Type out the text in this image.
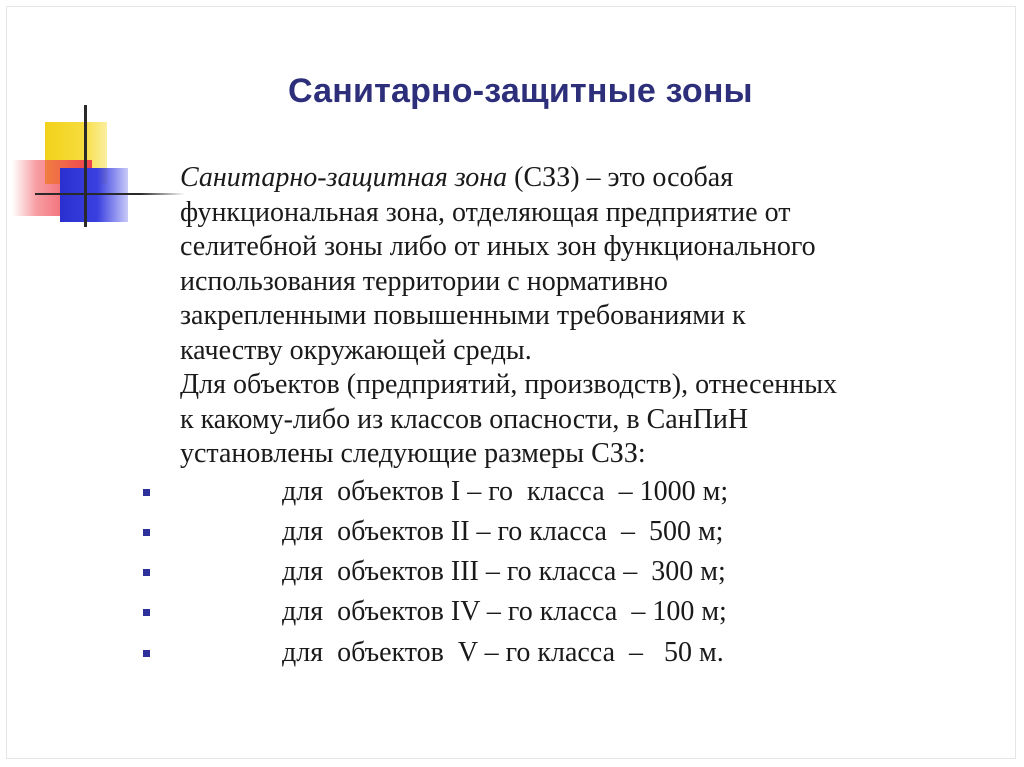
Санитарно-защитные зоны
Санитарно-защитная зона (СЗЗ) – это особая
функциональная зона, отделяющая предприятие от
селитебной зоны либо от иных зон функционального
использования территории с нормативно
закрепленными повышенными требованиями к
качеству окружающей среды.
Для объектов (предприятий, производств), отнесенных
к какому-либо из классов опасности, в СанПиН
установлены следующие размеры СЗЗ:
для  объектов I – го  класса  – 1000 м;
для  объектов II – го класса  –  500 м;
для  объектов III – го класса –  300 м;
для  объектов IV – го класса  – 100 м;
для  объектов  V – го класса  –   50 м.
